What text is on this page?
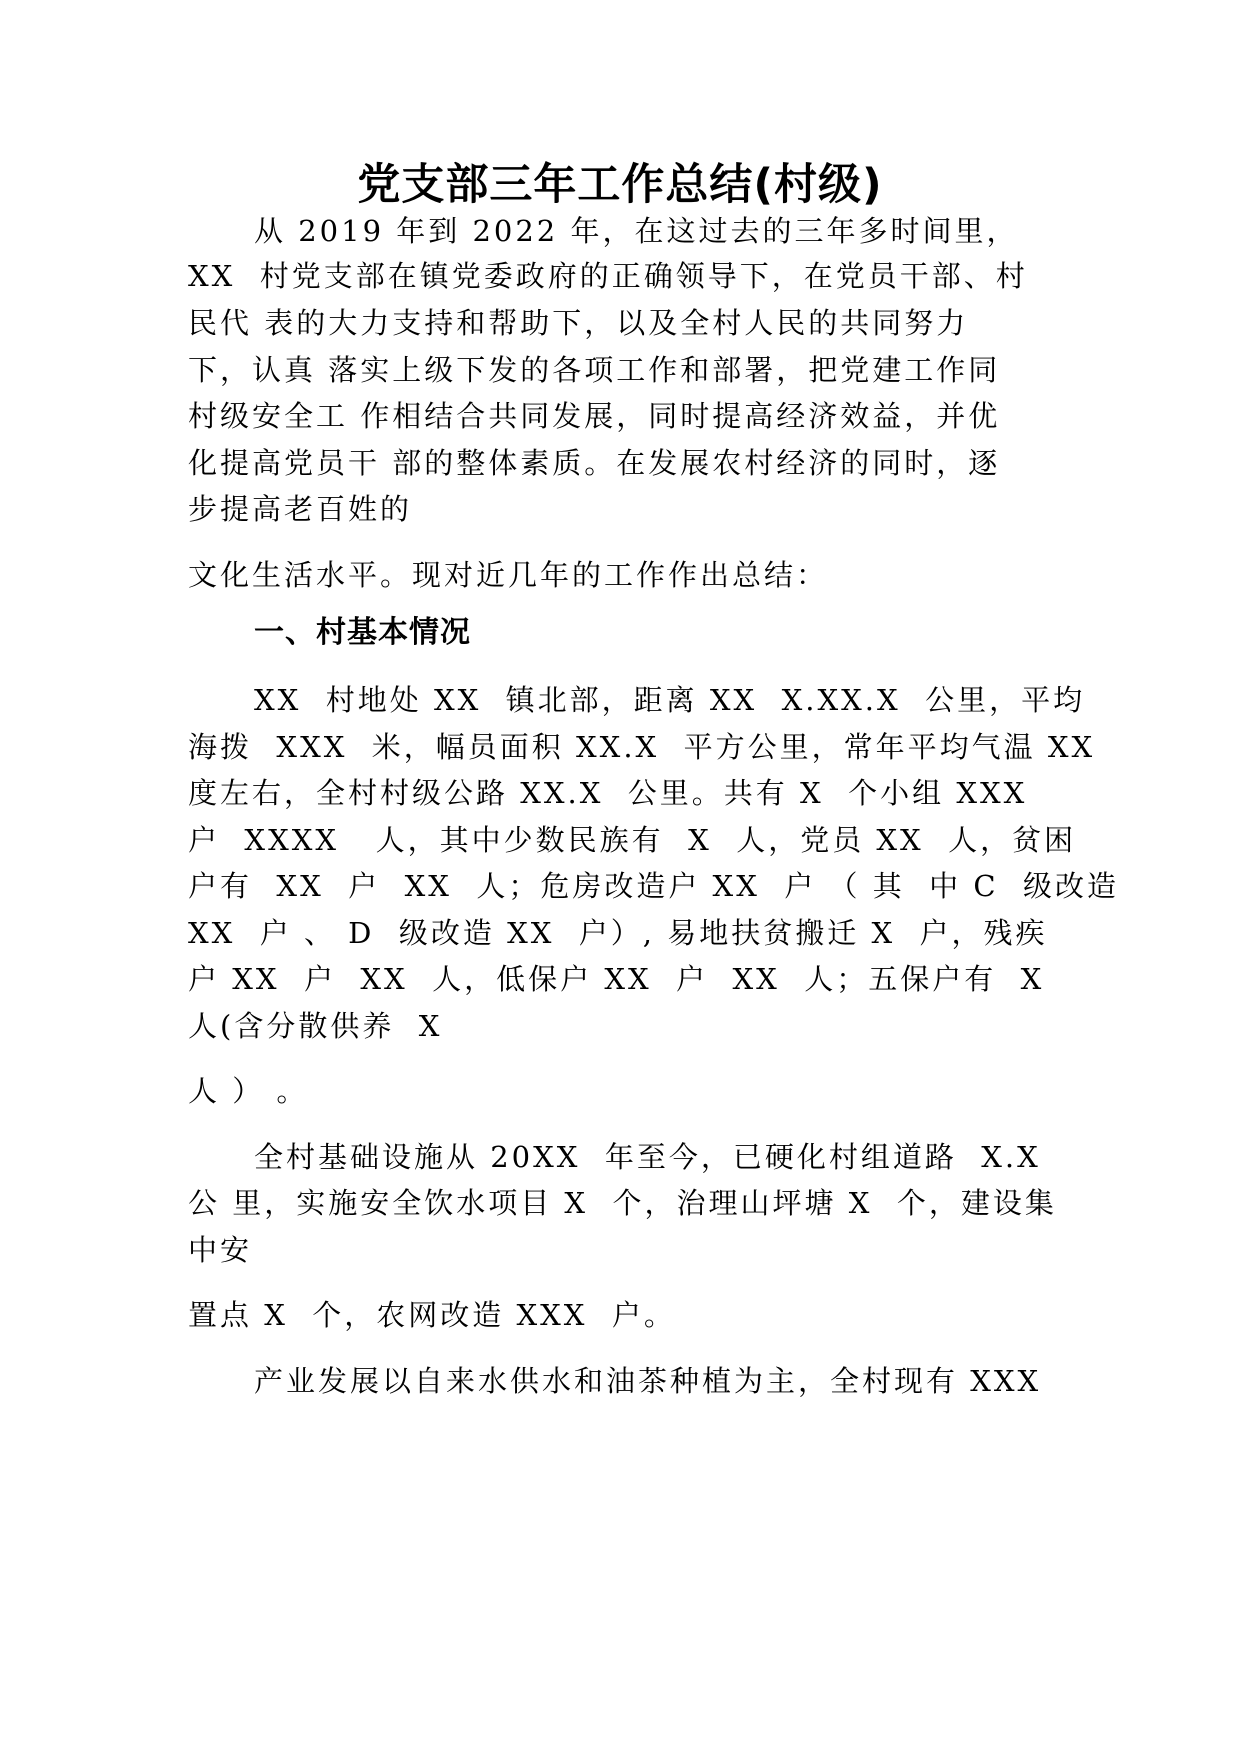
党支部三年工作总结(村级)
从 2019 年到 2022 年，在这过去的三年多时间里，
XX  村党支部在镇党委政府的正确领导下，在党员干部、村
民代 表的大力支持和帮助下，以及全村人民的共同努力
下，认真 落实上级下发的各项工作和部署，把党建工作同
村级安全工 作相结合共同发展，同时提高经济效益，并优
化提高党员干 部的整体素质。在发展农村经济的同时，逐
步提高老百姓的
文化生活水平。现对近几年的工作作出总结：
一、村基本情况
XX  村地处 XX  镇北部，距离 XX  X.XX.X  公里，平均
海拨  XXX  米，幅员面积 XX.X  平方公里，常年平均气温 XX
度左右，全村村级公路 XX.X  公里。共有 X  个小组 XXX
户  XXXX   人，其中少数民族有  X  人，党员 XX  人，贫困
户有  XX  户  XX  人；危房改造户 XX  户 （ 其  中 C  级改造
XX  户 、 D  级改造 XX  户）, 易地扶贫搬迁 X  户，残疾
户 XX  户  XX  人，低保户 XX  户  XX  人；五保户有  X
人(含分散供养  X
人 ） 。
全村基础设施从 20XX  年至今，已硬化村组道路  X.X
公 里，实施安全饮水项目 X  个，治理山坪塘 X  个，建设集
中安
置点 X  个，农网改造 XXX  户。
产业发展以自来水供水和油茶种植为主，全村现有 XXX
